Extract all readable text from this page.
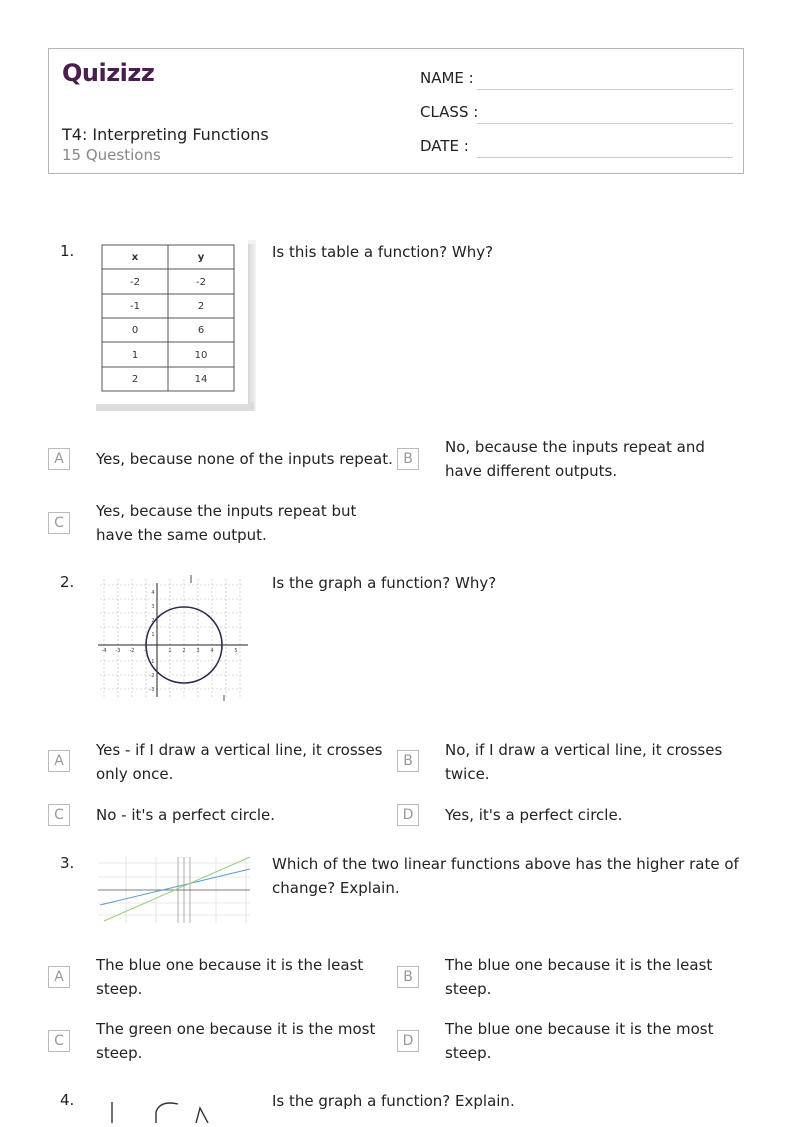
Quizizz
T4: Interpreting Functions
15 Questions
NAME :
CLASS :
DATE :
1.	x	y
-2	-2
-1	2
0	6
1	10
2	14
Is this table a function? Why?
A	Yes, because none of the inputs repeat. B
No, because the inputs repeat and have different outputs.
C
Yes, because the inputs repeat but have the same output.
2.
-4 -3 -2 -1	1 2 3 4	5
4
3
2
1
-1
-2
-3
Is the graph a function? Why?
A
Yes - if I draw a vertical line, it crosses only once.
B
No, if I draw a vertical line, it crosses twice.
C	No - it's a perfect circle.	D	Yes, it's a perfect circle.
3.	Which of the two linear functions above has the higher rate of change? Explain.
A
The blue one because it is the least steep.
B
The blue one because it is the least steep.
C
The green one because it is the most steep.
D
The blue one because it is the most steep.
4.	Is the graph a function? Explain.
